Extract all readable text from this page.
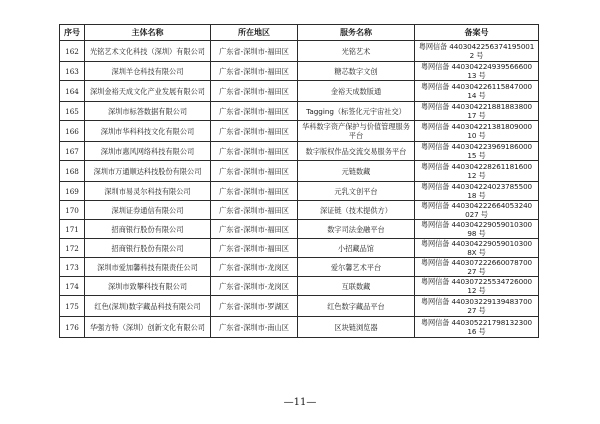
序号	主体名称	所在地区	服务名称	备案号
162	光铭艺术文化科技（深圳）有限公司	广东省-深圳市-福田区	光铭艺术	粤网信备 4403042256374195001​2 号
163	深圳羊仓科技有限公司	广东省-深圳市-福田区	糖芯数字文创	粤网信备 440304224939566600​13 号
164	深圳金裕天成文化产业发展有限公司	广东省-深圳市-福田区	金裕天成数版通	粤网信备 440304226115847000​14 号
165	深圳市标答数据有限公司	广东省-深圳市-福田区	Tagging（标签化元宇宙社交）	粤网信备 440304221881883800​17 号
166	深圳市华科科技文化有限公司	广东省-深圳市-福田区	华科数字资产保护与价值管理服务平台	粤网信备 440304221381809000​10 号
167	深圳市惠风网络科技有限公司	广东省-深圳市-福田区	数字版权作品交流交易服务平台	粤网信备 440304223969186000​15 号
168	深圳市万通顺达科技股份有限公司	广东省-深圳市-福田区	元链数藏	粤网信备 440304228261181600​12 号
169	深圳市易灵尔科技有限公司	广东省-深圳市-福田区	元乳文创平台	粤网信备 440304224023785500​18 号
170	深圳证券通信有限公司	广东省-深圳市-福田区	深证链（技术提供方）	粤网信备 440304222664053240​027 号
171	招商银行股份有限公司	广东省-深圳市-福田区	数字司法金融平台	粤网信备 440304229059010300​98 号
172	招商银行股份有限公司	广东省-深圳市-福田区	小招藏品馆	粤网信备 440304229059010300​8X 号
173	深圳市爱加馨科技有限责任公司	广东省-深圳市-龙岗区	爱尔馨艺术平台	粤网信备 440307222660078700​27 号
174	深圳市致攀科技有限公司	广东省-深圳市-龙岗区	互联数藏	粤网信备 440307225534726000​12 号
175	红色(深圳)数字藏品科技有限公司	广东省-深圳市-罗湖区	红色数字藏品平台	粤网信备 440303229139483700​27 号
176	华强方特（深圳）创新文化有限公司	广东省-深圳市-南山区	区块链浏览器	粤网信备 440305221798132300​16 号
—11—
